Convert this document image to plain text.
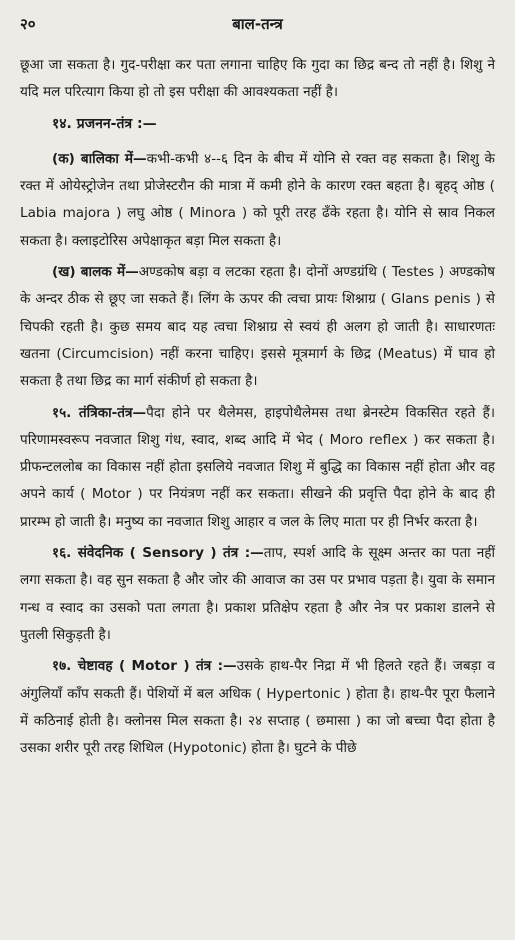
२०	बाल-तन्त्र

छूआ जा सकता है। गुद-परीक्षा कर पता लगाना चाहिए कि गुदा का छिद्र बन्द तो नहीं है। शिशु ने यदि मल परित्याग किया हो तो इस परीक्षा की आवश्यकता नहीं है।

१४. प्रजनन-तंत्र :—

(क) बालिका में—कभी-कभी ४--६ दिन के बीच में योनि से रक्त वह सकता है। शिशु के रक्त में ओयेस्ट्रोजेन तथा प्रोजेस्टरौन की मात्रा में कमी होने के कारण रक्त बहता है। बृहद् ओष्ठ ( Labia majora ) लघु ओष्ठ ( Minora ) को पूरी तरह ढँके रहता है। योनि से स्राव निकल सकता है। क्लाइटोरिस अपेक्षाकृत बड़ा मिल सकता है।

(ख) बालक में—अण्डकोष बड़ा व लटका रहता है। दोनों अण्डग्रंथि ( Testes ) अण्डकोष के अन्दर ठीक से छूए जा सकते हैं। लिंग के ऊपर की त्वचा प्रायः शिश्नाग्र ( Glans penis ) से चिपकी रहती है। कुछ समय बाद यह त्वचा शिश्नाग्र से स्वयं ही अलग हो जाती है। साधारणतः खतना (Circumcision) नहीं करना चाहिए। इससे मूत्रमार्ग के छिद्र (Meatus) में घाव हो सकता है तथा छिद्र का मार्ग संकीर्ण हो सकता है।

१५. तंत्रिका-तंत्र—पैदा होने पर थैलेमस, हाइपोथैलेमस तथा ब्रेनस्टेम विकसित रहते हैं। परिणामस्वरूप नवजात शिशु गंध, स्वाद, शब्द आदि में भेद ( Moro reflex ) कर सकता है। प्रीफन्टललोब का विकास नहीं होता इसलिये नवजात शिशु में बुद्धि का विकास नहीं होता और वह अपने कार्य ( Motor ) पर नियंत्रण नहीं कर सकता। सीखने की प्रवृत्ति पैदा होने के बाद ही प्रारम्भ हो जाती है। मनुष्य का नवजात शिशु आहार व जल के लिए माता पर ही निर्भर करता है।

१६. संवेदनिक ( Sensory ) तंत्र :—ताप, स्पर्श आदि के सूक्ष्म अन्तर का पता नहीं लगा सकता है। वह सुन सकता है और जोर की आवाज का उस पर प्रभाव पड़ता है। युवा के समान गन्ध व स्वाद का उसको पता लगता है। प्रकाश प्रतिक्षेप रहता है और नेत्र पर प्रकाश डालने से पुतली सिकुड़ती है।

१७. चेष्टावह ( Motor ) तंत्र :—उसके हाथ-पैर निद्रा में भी हिलते रहते हैं। जबड़ा व अंगुलियाँ काँप सकती हैं। पेशियों में बल अधिक ( Hypertonic ) होता है। हाथ-पैर पूरा फैलाने में कठिनाई होती है। क्लोनस मिल सकता है। २४ सप्ताह ( छमासा ) का जो बच्चा पैदा होता है उसका शरीर पूरी तरह शिथिल (Hypotonic) होता है। घुटने के पीछे
